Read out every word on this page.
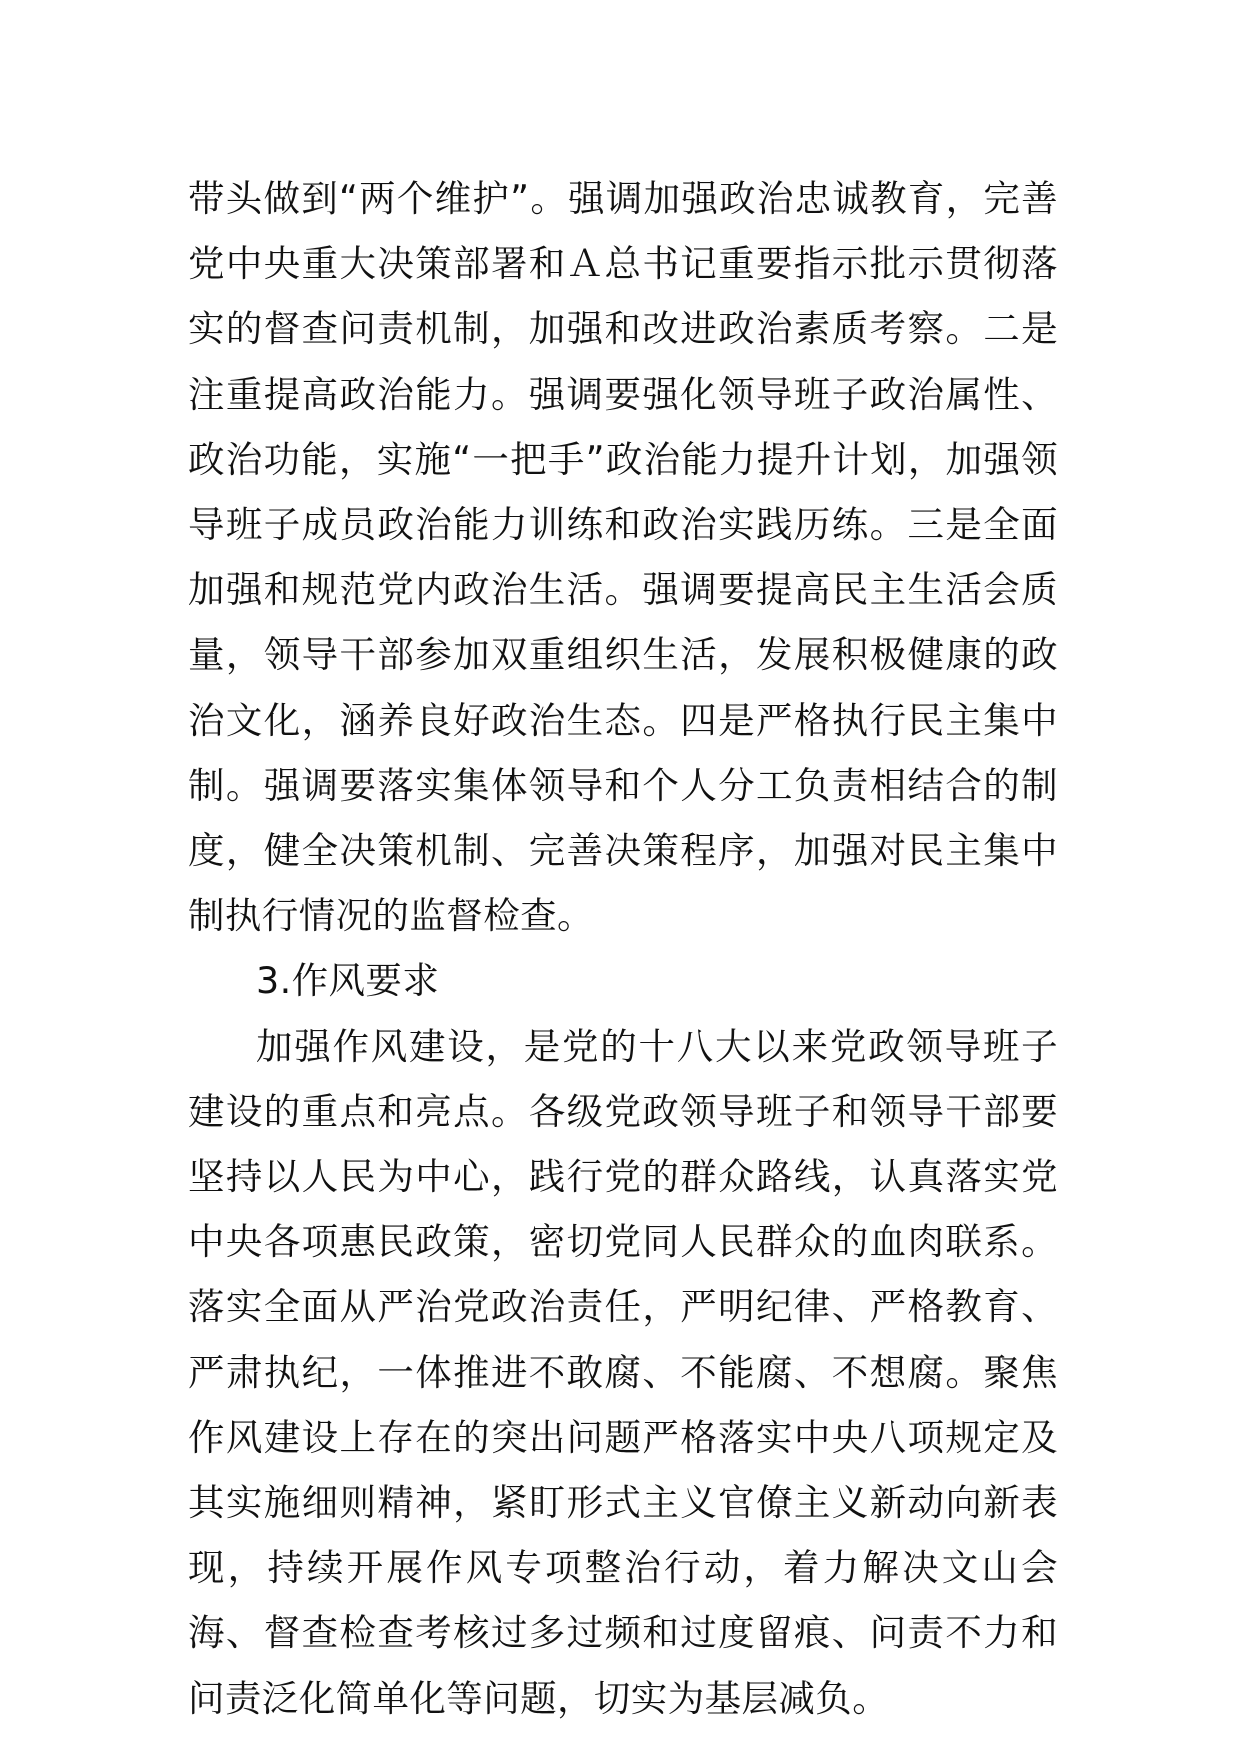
带头做到“两个维护”。强调加强政治忠诚教育，完善党中央重大决策部署和Ａ总书记重要指示批示贯彻落实的督查问责机制，加强和改进政治素质考察。二是注重提高政治能力。强调要强化领导班子政治属性、政治功能，实施“一把手”政治能力提升计划，加强领导班子成员政治能力训练和政治实践历练。三是全面加强和规范党内政治生活。强调要提高民主生活会质量，领导干部参加双重组织生活，发展积极健康的政治文化，涵养良好政治生态。四是严格执行民主集中制。强调要落实集体领导和个人分工负责相结合的制度，健全决策机制、完善决策程序，加强对民主集中制执行情况的监督检查。

3.作风要求

加强作风建设，是党的十八大以来党政领导班子建设的重点和亮点。各级党政领导班子和领导干部要坚持以人民为中心，践行党的群众路线，认真落实党中央各项惠民政策，密切党同人民群众的血肉联系。落实全面从严治党政治责任，严明纪律、严格教育、严肃执纪，一体推进不敢腐、不能腐、不想腐。聚焦作风建设上存在的突出问题严格落实中央八项规定及其实施细则精神，紧盯形式主义官僚主义新动向新表现，持续开展作风专项整治行动，着力解决文山会海、督查检查考核过多过频和过度留痕、问责不力和问责泛化简单化等问题，切实为基层减负。
